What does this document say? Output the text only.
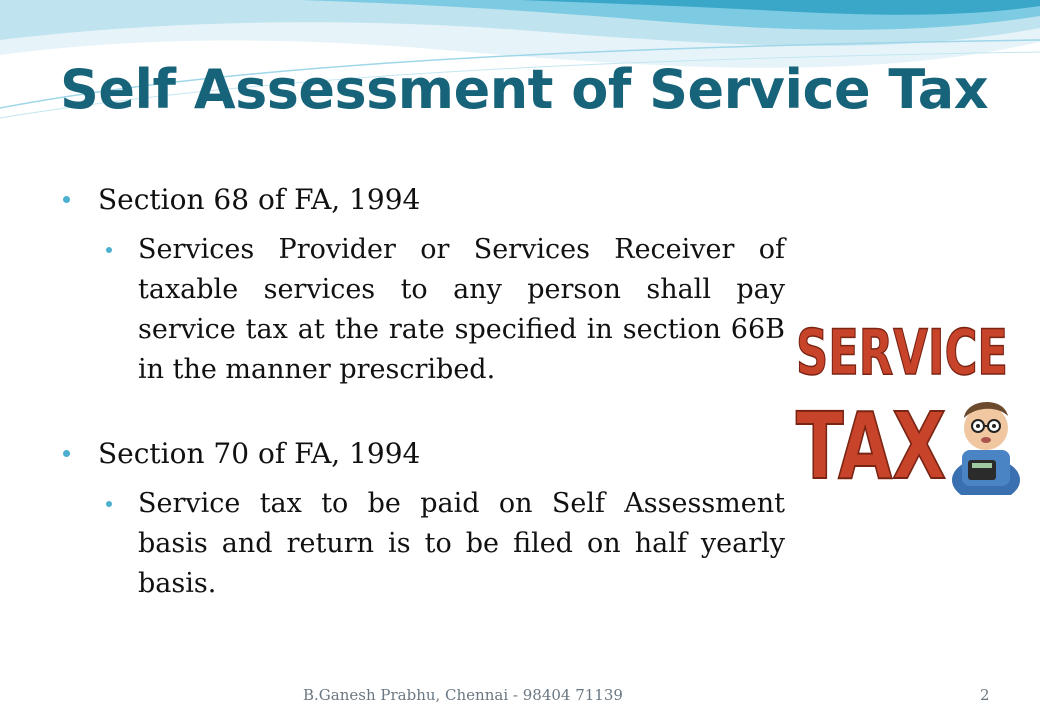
Self Assessment of Service Tax
Section 68 of FA, 1994
Services Provider or Services Receiver of taxable services to any person shall pay service tax at the rate specified in section 66B in the manner prescribed.
Section 70 of FA, 1994
Service tax to be paid on Self Assessment basis and return is to be filed on half yearly basis.
SERVICE
TAX
B.Ganesh Prabhu, Chennai - 98404 71139	2
